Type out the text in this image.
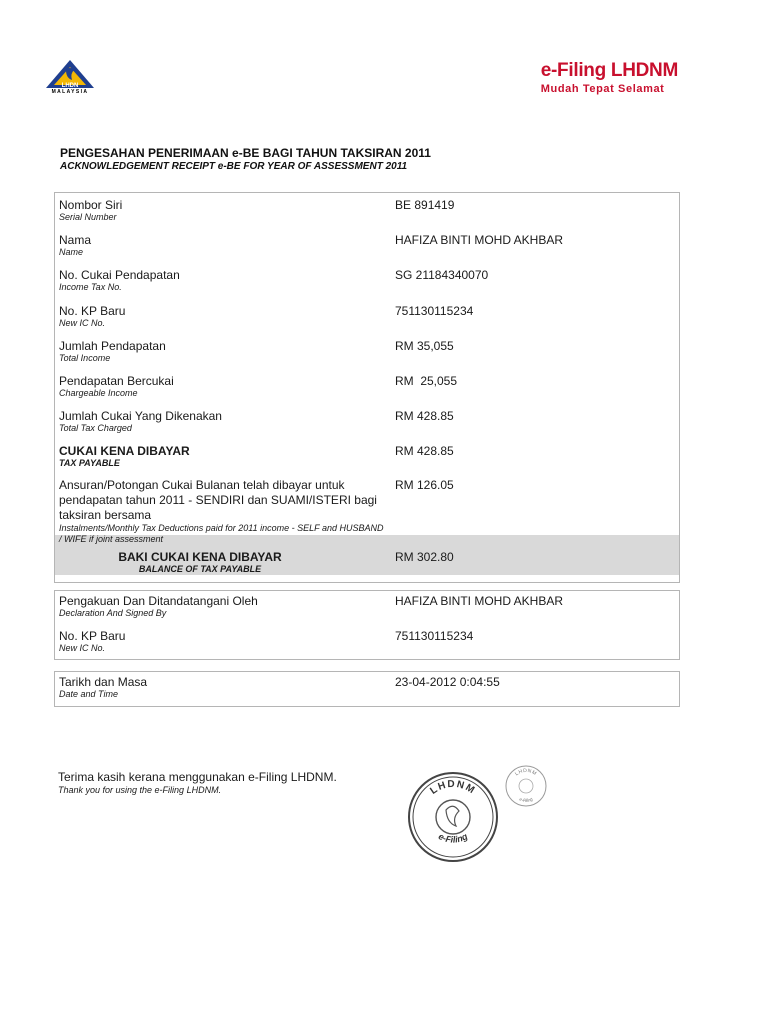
LHDN
MALAYSIA
e-Filing LHDNM
Mudah Tepat Selamat
PENGESAHAN PENERIMAAN e-BE BAGI TAHUN TAKSIRAN 2011
ACKNOWLEDGEMENT RECEIPT e-BE FOR YEAR OF ASSESSMENT 2011
Nombor Siri
Serial Number
BE 891419
Nama
Name
HAFIZA BINTI MOHD AKHBAR
No. Cukai Pendapatan
Income Tax No.
SG 21184340070
No. KP Baru
New IC No.
751130115234
Jumlah Pendapatan
Total Income
RM 35,055
Pendapatan Bercukai
Chargeable Income
RM  25,055
Jumlah Cukai Yang Dikenakan
Total Tax Charged
RM 428.85
CUKAI KENA DIBAYAR
TAX PAYABLE
RM 428.85
Ansuran/Potongan Cukai Bulanan telah dibayar untuk pendapatan tahun 2011 - SENDIRI dan SUAMI/ISTERI bagi taksiran bersama
Instalments/Monthly Tax Deductions paid for 2011 income - SELF and HUSBAND / WIFE if joint assessment
RM 126.05
BAKI CUKAI KENA DIBAYAR
BALANCE OF TAX PAYABLE
RM 302.80
Pengakuan Dan Ditandatangani Oleh
Declaration And Signed By
HAFIZA BINTI MOHD AKHBAR
No. KP Baru
New IC No.
751130115234
Tarikh dan Masa
Date and Time
23-04-2012 0:04:55
Terima kasih kerana menggunakan e-Filing LHDNM.
Thank you for using the e-Filing LHDNM.	LHDNM
e-Filing
LHDNM
e-Filing
